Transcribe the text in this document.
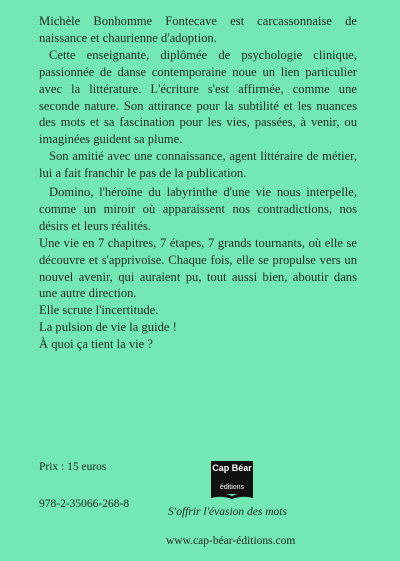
Michèle Bonhomme Fontecave est carcassonnaise de naissance et chaurienne d'adoption.

Cette enseignante, diplômée de psychologie clinique, passionnée de danse contemporaine noue un lien particulier avec la littérature. L'écriture s'est affirmée, comme une seconde nature. Son attirance pour la subtilité et les nuances des mots et sa fascination pour les vies, passées, à venir, ou imaginées guident sa plume.

Son amitié avec une connaissance, agent littéraire de métier, lui a fait franchir le pas de la publication.

Domino, l'héroïne du labyrinthe d'une vie nous interpelle, comme un miroir où apparaissent nos contradictions, nos désirs et leurs réalités.

Une vie en 7 chapitres, 7 étapes, 7 grands tournants, où elle se découvre et s'apprivoise. Chaque fois, elle se propulse vers un nouvel avenir, qui auraient pu, tout aussi bien, aboutir dans une autre direction.

Elle scrute l'incertitude.

La pulsion de vie la guide !

À quoi ça tient la vie ?

Prix : 15 euros
978-2-35066-268-8
Cap Béar
éditions
S'offrir l'évasion des mots
www.cap-béar-éditions.com
